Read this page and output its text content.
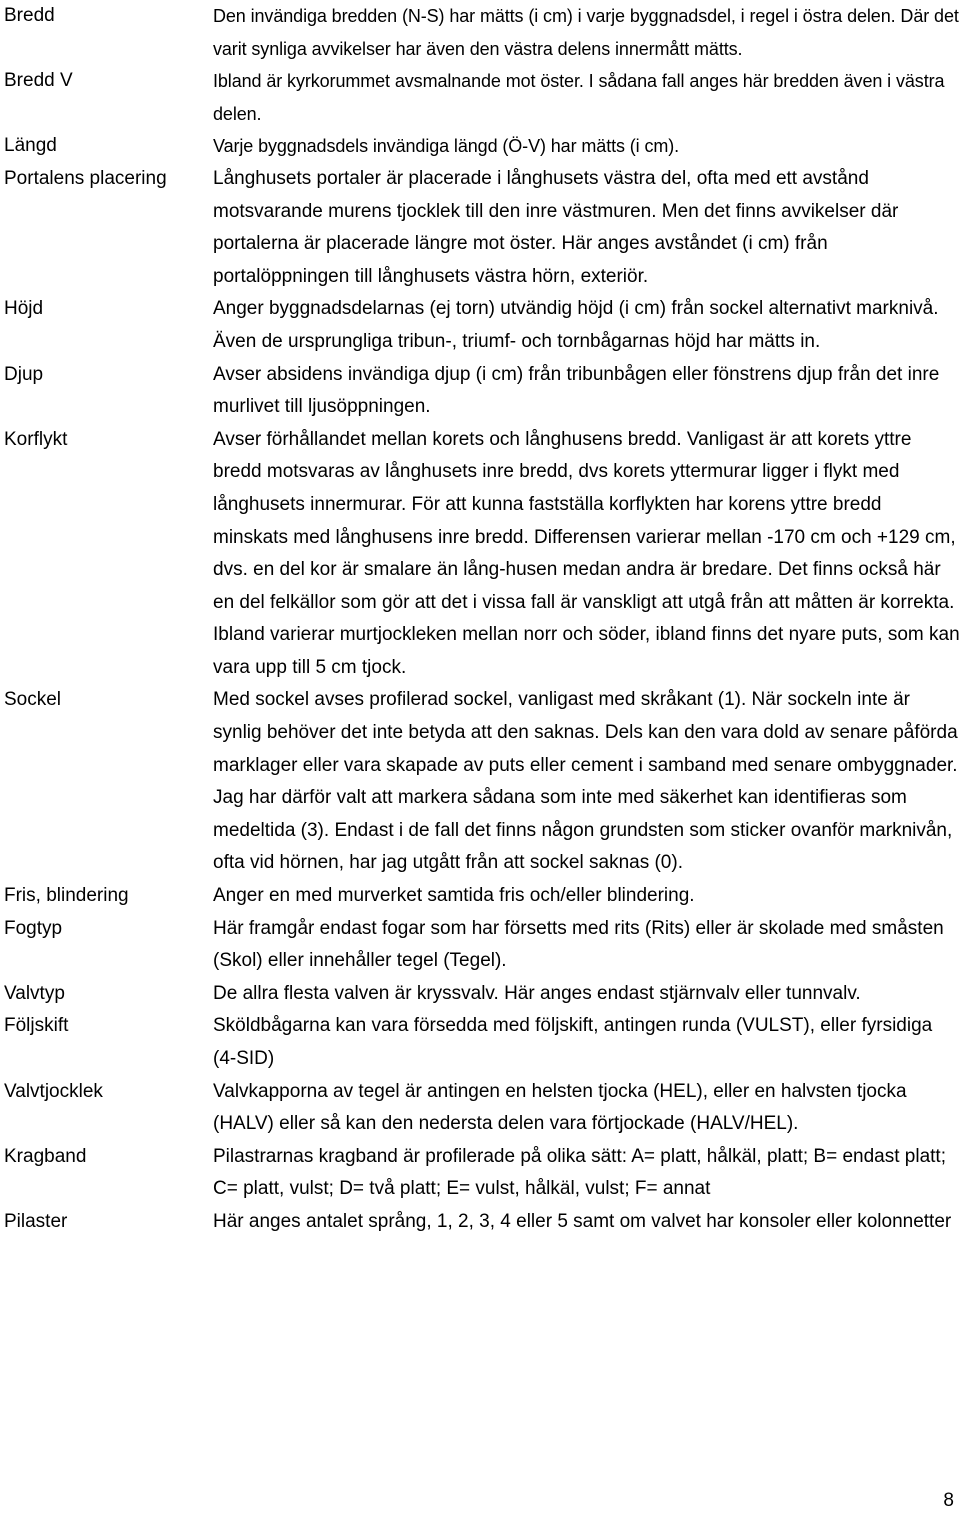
Bredd	Den invändiga bredden (N-S) har mätts (i cm) i varje byggnadsdel, i regel i östra delen. Där det varit synliga avvikelser har även den västra delens innermått mätts.
Bredd V	Ibland är kyrkorummet avsmalnande mot öster. I sådana fall anges här bredden även i västra delen.
Längd	Varje byggnadsdels invändiga längd (Ö-V) har mätts (i cm).
Portalens placering	Långhusets portaler är placerade i långhusets västra del, ofta med ett avstånd motsvarande murens tjocklek till den inre västmuren. Men det finns avvikelser där portalerna är placerade längre mot öster. Här anges avståndet (i cm) från portalöppningen till långhusets västra hörn, exteriör.
Höjd	Anger byggnadsdelarnas (ej torn) utvändig höjd (i cm) från sockel alternativt marknivå. Även de ursprungliga tribun-, triumf- och tornbågarnas höjd har mätts in.
Djup	Avser absidens invändiga djup (i cm) från tribunbågen eller fönstrens djup från det inre murlivet till ljusöppningen.
Korflykt	Avser förhållandet mellan korets och långhusens bredd. Vanligast är att korets yttre bredd motsvaras av långhusets inre bredd, dvs korets yttermurar ligger i flykt med långhusets innermurar. För att kunna fastställa korflykten har korens yttre bredd minskats med långhusens inre bredd. Differensen varierar mellan -170 cm och +129 cm, dvs. en del kor är smalare än lång-husen medan andra är bredare. Det finns också här en del felkällor som gör att det i vissa fall är vanskligt att utgå från att måtten är korrekta. Ibland varierar murtjockleken mellan norr och söder, ibland finns det nyare puts, som kan vara upp till 5 cm tjock.
Sockel	Med sockel avses profilerad sockel, vanligast med skråkant (1). När sockeln inte är synlig behöver det inte betyda att den saknas. Dels kan den vara dold av senare påförda marklager eller vara skapade av puts eller cement i samband med senare ombyggnader. Jag har därför valt att markera sådana som inte med säkerhet kan identifieras som medeltida (3). Endast i de fall det finns någon grundsten som sticker ovanför marknivån, ofta vid hörnen, har jag utgått från att sockel saknas (0).
Fris, blindering	Anger en med murverket samtida fris och/eller blindering.
Fogtyp	Här framgår endast fogar som har försetts med rits (Rits) eller är skolade med småsten (Skol) eller innehåller tegel (Tegel).
Valvtyp	De allra flesta valven är kryssvalv. Här anges endast stjärnvalv eller tunnvalv.
Följskift	Sköldbågarna kan vara försedda med följskift, antingen runda (VULST), eller fyrsidiga (4-SID)
Valvtjocklek	Valvkapporna av tegel är antingen en helsten tjocka (HEL), eller en halvsten tjocka (HALV) eller så kan den nedersta delen vara förtjockade (HALV/HEL).
Kragband	Pilastrarnas kragband är profilerade på olika sätt: A= platt, hålkäl, platt; B= endast platt; C= platt, vulst; D= två platt; E= vulst, hålkäl, vulst; F= annat
Pilaster	Här anges antalet språng, 1, 2, 3, 4 eller 5 samt om valvet har konsoler eller kolonnetter
8
